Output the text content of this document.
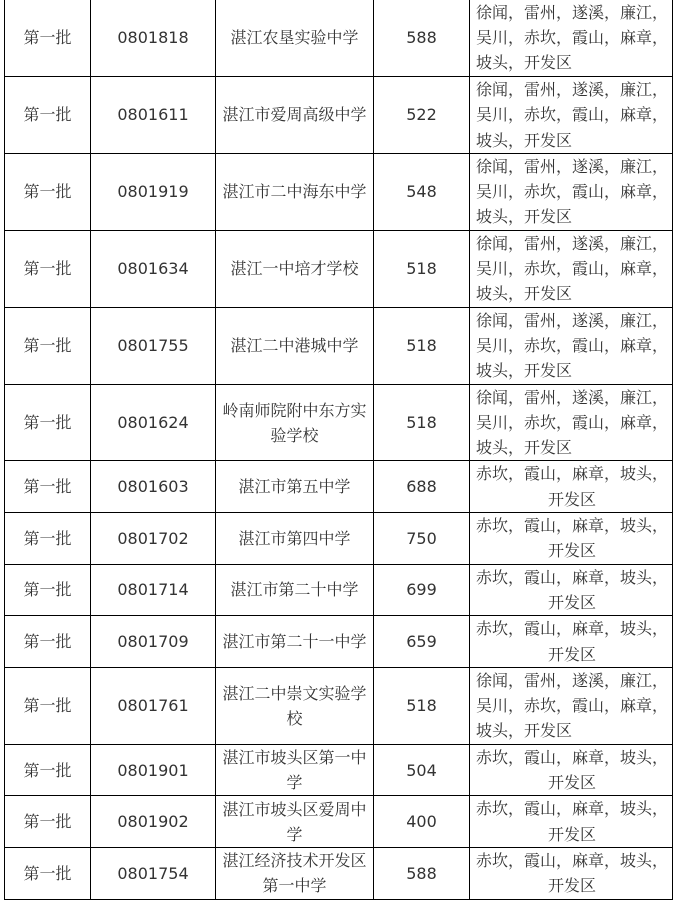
第一批	0801818	湛江农垦实验中学	588	徐闻，雷州，遂溪，廉江，吴川，赤坎，霞山，麻章，坡头，开发区
第一批	0801611	湛江市爱周高级中学	522	徐闻，雷州，遂溪，廉江，吴川，赤坎，霞山，麻章，坡头，开发区
第一批	0801919	湛江市二中海东中学	548	徐闻，雷州，遂溪，廉江，吴川，赤坎，霞山，麻章，坡头，开发区
第一批	0801634	湛江一中培才学校	518	徐闻，雷州，遂溪，廉江，吴川，赤坎，霞山，麻章，坡头，开发区
第一批	0801755	湛江二中港城中学	518	徐闻，雷州，遂溪，廉江，吴川，赤坎，霞山，麻章，坡头，开发区
第一批	0801624	岭南师院附中东方实验学校	518	徐闻，雷州，遂溪，廉江，吴川，赤坎，霞山，麻章，坡头，开发区
第一批	0801603	湛江市第五中学	688	赤坎，霞山，麻章，坡头，开发区
第一批	0801702	湛江市第四中学	750	赤坎，霞山，麻章，坡头，开发区
第一批	0801714	湛江市第二十中学	699	赤坎，霞山，麻章，坡头，开发区
第一批	0801709	湛江市第二十一中学	659	赤坎，霞山，麻章，坡头，开发区
第一批	0801761	湛江二中崇文实验学校	518	徐闻，雷州，遂溪，廉江，吴川，赤坎，霞山，麻章，坡头，开发区
第一批	0801901	湛江市坡头区第一中学	504	赤坎，霞山，麻章，坡头，开发区
第一批	0801902	湛江市坡头区爱周中学	400	赤坎，霞山，麻章，坡头，开发区
第一批	0801754	湛江经济技术开发区第一中学	588	赤坎，霞山，麻章，坡头，开发区
